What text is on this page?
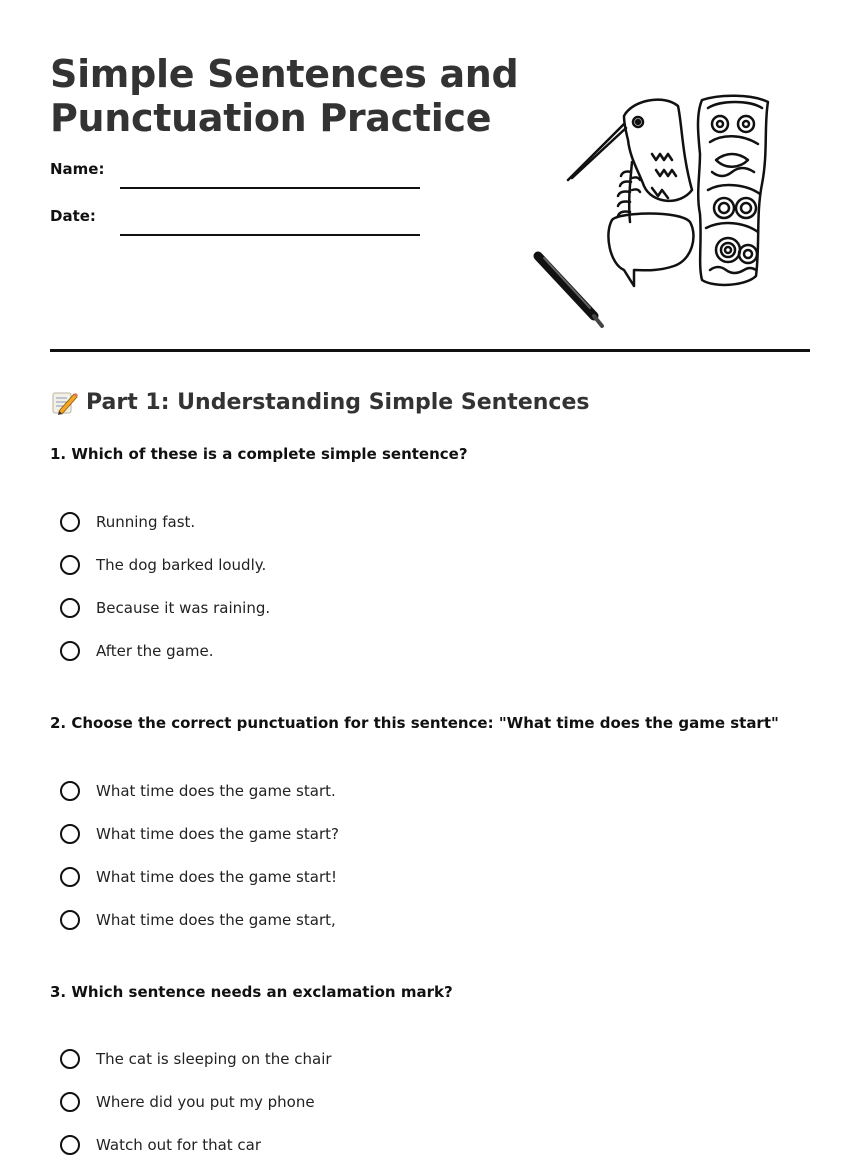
Simple Sentences and Punctuation Practice
Name:
Date:
Part 1: Understanding Simple Sentences
1. Which of these is a complete simple sentence?
Running fast.
The dog barked loudly.
Because it was raining.
After the game.
2. Choose the correct punctuation for this sentence: "What time does the game start"
What time does the game start.
What time does the game start?
What time does the game start!
What time does the game start,
3. Which sentence needs an exclamation mark?
The cat is sleeping on the chair
Where did you put my phone
Watch out for that car
